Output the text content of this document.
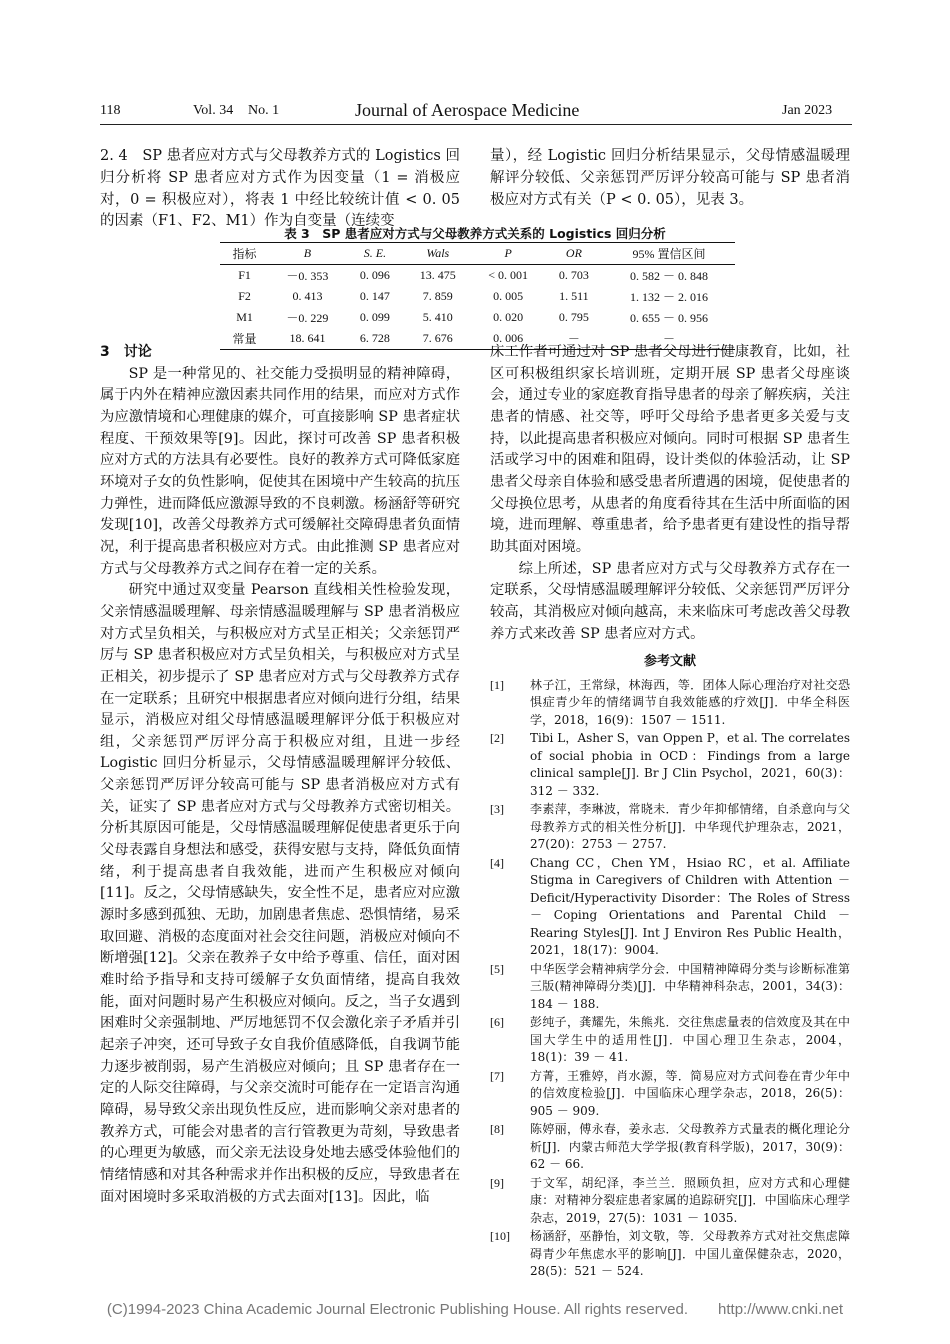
118	Vol. 34 No. 1	Journal of Aerospace Medicine	Jan 2023

2. 4　SP 患者应对方式与父母教养方式的 Logistics 回归分析将 SP 患者应对方式作为因变量（1 = 消极应对，0 = 积极应对），将表 1 中经比较统计值 < 0. 05 的因素（F1、F2、M1）作为自变量（连续变

量），经 Logistic 回归分析结果显示，父母情感温暖理解评分较低、父亲惩罚严厉评分较高可能与 SP 患者消极应对方式有关（P < 0. 05），见表 3。

表 3　SP 患者应对方式与父母教养方式关系的 Logistics 回归分析
指标	B	S. E.	Wals	P	OR	95% 置信区间
F1	－0. 353	0. 096	13. 475	< 0. 001	0. 703	0. 582 － 0. 848
F2	0. 413	0. 147	7. 859	0. 005	1. 511	1. 132 － 2. 016
M1	－0. 229	0. 099	5. 410	0. 020	0. 795	0. 655 － 0. 956
常量	18. 641	6. 728	7. 676	0. 006	－	－

3　讨论

SP 是一种常见的、社交能力受损明显的精神障碍，属于内外在精神应激因素共同作用的结果，而应对方式作为应激情境和心理健康的媒介，可直接影响 SP 患者症状程度、干预效果等[9]。因此，探讨可改善 SP 患者积极应对方式的方法具有必要性。良好的教养方式可降低家庭环境对子女的负性影响，促使其在困境中产生较高的抗压力弹性，进而降低应激源导致的不良刺激。杨涵舒等研究发现[10]，改善父母教养方式可缓解社交障碍患者负面情况，利于提高患者积极应对方式。由此推测 SP 患者应对方式与父母教养方式之间存在着一定的关系。

研究中通过双变量 Pearson 直线相关性检验发现，父亲情感温暖理解、母亲情感温暖理解与 SP 患者消极应对方式呈负相关，与积极应对方式呈正相关；父亲惩罚严厉与 SP 患者积极应对方式呈负相关，与积极应对方式呈正相关，初步提示了 SP 患者应对方式与父母教养方式存在一定联系；且研究中根据患者应对倾向进行分组，结果显示，消极应对组父母情感温暖理解评分低于积极应对组，父亲惩罚严厉评分高于积极应对组，且进一步经 Logistic 回归分析显示，父母情感温暖理解评分较低、父亲惩罚严厉评分较高可能与 SP 患者消极应对方式有关，证实了 SP 患者应对方式与父母教养方式密切相关。分析其原因可能是，父母情感温暖理解促使患者更乐于向父母表露自身想法和感受，获得安慰与支持，降低负面情绪，利于提高患者自我效能，进而产生积极应对倾向[11]。反之，父母情感缺失，安全性不足，患者应对应激源时多感到孤独、无助，加剧患者焦虑、恐惧情绪，易采取回避、消极的态度面对社会交往问题，消极应对倾向不断增强[12]。父亲在教养子女中给予尊重、信任，面对困难时给予指导和支持可缓解子女负面情绪，提高自我效能，面对问题时易产生积极应对倾向。反之，当子女遇到困难时父亲强制地、严厉地惩罚不仅会激化亲子矛盾并引起亲子冲突，还可导致子女自我价值感降低，自我调节能力逐步被削弱，易产生消极应对倾向；且 SP 患者存在一定的人际交往障碍，与父亲交流时可能存在一定语言沟通障碍，易导致父亲出现负性反应，进而影响父亲对患者的教养方式，可能会对患者的言行管教更为苛刻，导致患者的心理更为敏感，而父亲无法设身处地去感受体验他们的情绪情感和对其各种需求并作出积极的反应，导致患者在面对困境时多采取消极的方式去面对[13]。因此，临

床工作者可通过对 SP 患者父母进行健康教育，比如，社区可积极组织家长培训班，定期开展 SP 患者父母座谈会，通过专业的家庭教育指导患者的母亲了解疾病，关注患者的情感、社交等，呼吁父母给予患者更多关爱与支持，以此提高患者积极应对倾向。同时可根据 SP 患者生活或学习中的困难和阻碍，设计类似的体验活动，让 SP 患者父母亲自体验和感受患者所遭遇的困境，促使患者的父母换位思考，从患者的角度看待其在生活中所面临的困境，进而理解、尊重患者，给予患者更有建设性的指导帮助其面对困境。

综上所述，SP 患者应对方式与父母教养方式存在一定联系，父母情感温暖理解评分较低、父亲惩罚严厉评分较高，其消极应对倾向越高，未来临床可考虑改善父母教养方式来改善 SP 患者应对方式。

参考文献
[1]	林子江，王常绿，林海西，等．团体人际心理治疗对社交恐惧症青少年的情绪调节自我效能感的疗效[J]．中华全科医学，2018，16(9)：1507 － 1511.
[2]	Tibi L，Asher S，van Oppen P，et al. The correlates of social phobia in OCD：Findings from a large clinical sample[J]. Br J Clin Psychol，2021，60(3)：312 － 332.
[3]	李素萍，李琳波，常晓未．青少年抑郁情绪，自杀意向与父母教养方式的相关性分析[J]．中华现代护理杂志，2021，27(20)：2753 － 2757.
[4]	Chang CC，Chen YM，Hsiao RC，et al. Affiliate Stigma in Caregivers of Children with Attention － Deficit/Hyperactivity Disorder：The Roles of Stress － Coping Orientations and Parental Child － Rearing Styles[J]. Int J Environ Res Public Health，2021，18(17)：9004.
[5]	中华医学会精神病学分会．中国精神障碍分类与诊断标准第三版(精神障碍分类)[J]．中华精神科杂志，2001，34(3)：184 － 188.
[6]	彭纯子，龚耀先，朱熊兆．交往焦虑量表的信效度及其在中国大学生中的适用性[J]．中国心理卫生杂志，2004，18(1)：39 － 41.
[7]	方菁，王雅婷，肖水源，等．简易应对方式问卷在青少年中的信效度检验[J]．中国临床心理学杂志，2018，26(5)：905 － 909.
[8]	陈婷丽，傅永春，姜永志．父母教养方式量表的概化理论分析[J]．内蒙古师范大学学报(教育科学版)，2017，30(9)：62 － 66.
[9]	于文军，胡纪泽，李兰兰．照顾负担，应对方式和心理健康：对精神分裂症患者家属的追踪研究[J]．中国临床心理学杂志，2019，27(5)：1031 － 1035.
[10]	杨涵舒，巫静怡，刘文敬，等．父母教养方式对社交焦虑障碍青少年焦虑水平的影响[J]．中国儿童保健杂志，2020，28(5)：521 － 524.
(C)1994-2023 China Academic Journal Electronic Publishing House. All rights reserved.　　http://www.cnki.net
